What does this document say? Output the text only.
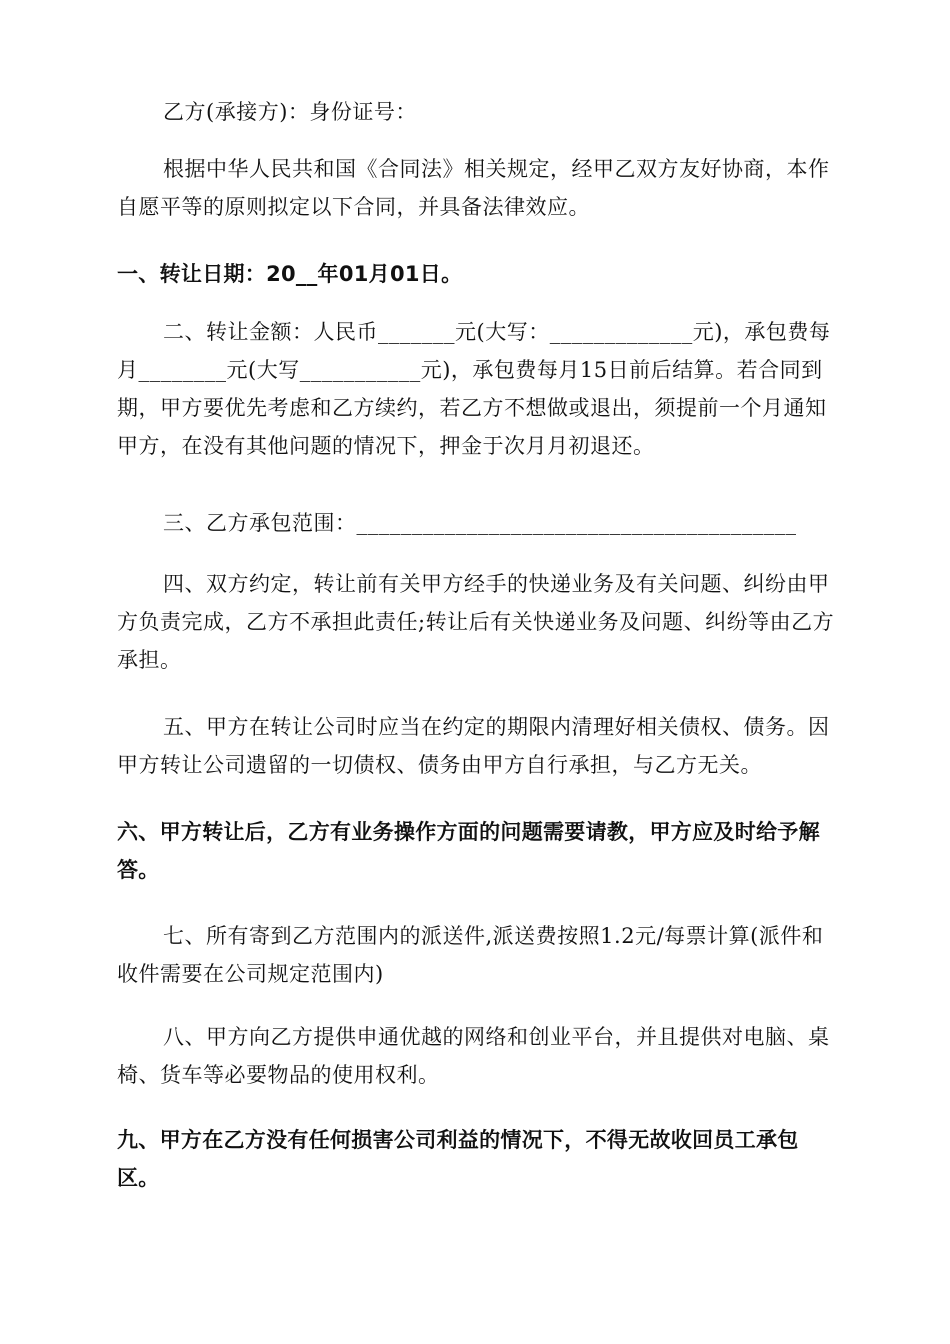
乙方(承接方)：身份证号：

根据中华人民共和国《合同法》相关规定，经甲乙双方友好协商，本作自愿平等的原则拟定以下合同，并具备法律效应。

一、转让日期：20__年01月01日。

二、转让金额：人民币_______元(大写：_____________元)，承包费每月________元(大写___________元)，承包费每月15日前后结算。若合同到期，甲方要优先考虑和乙方续约，若乙方不想做或退出，须提前一个月通知甲方，在没有其他问题的情况下，押金于次月月初退还。

三、乙方承包范围：________________________________________

四、双方约定，转让前有关甲方经手的快递业务及有关问题、纠纷由甲方负责完成，乙方不承担此责任;转让后有关快递业务及问题、纠纷等由乙方承担。

五、甲方在转让公司时应当在约定的期限内清理好相关债权、债务。因甲方转让公司遗留的一切债权、债务由甲方自行承担，与乙方无关。

六、甲方转让后，乙方有业务操作方面的问题需要请教，甲方应及时给予解答。

七、所有寄到乙方范围内的派送件,派送费按照1.2元/每票计算(派件和收件需要在公司规定范围内)

八、甲方向乙方提供申通优越的网络和创业平台，并且提供对电脑、桌椅、货车等必要物品的使用权利。

九、甲方在乙方没有任何损害公司利益的情况下，不得无故收回员工承包区。
